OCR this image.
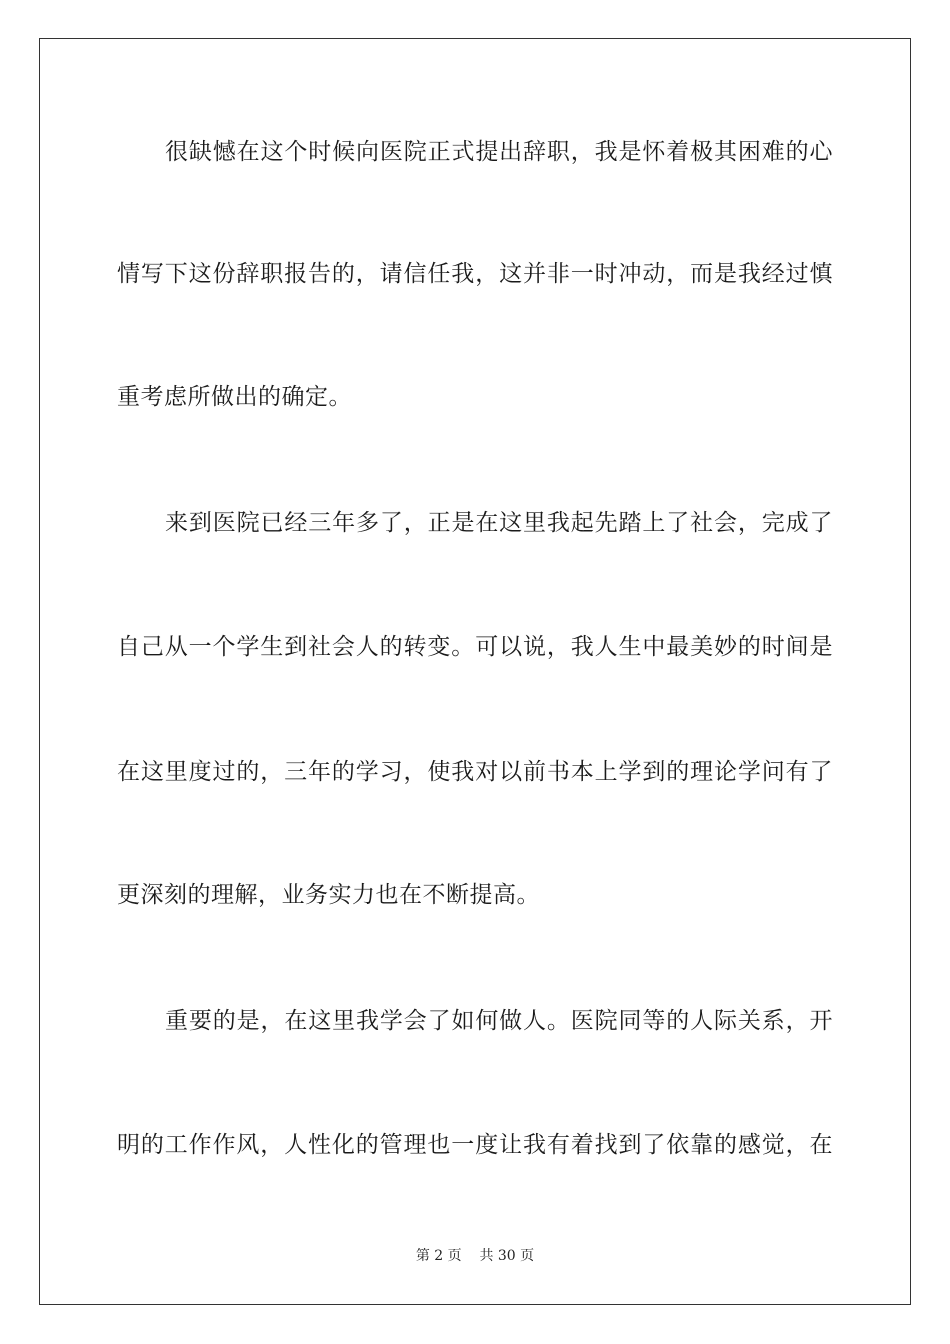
很缺憾在这个时候向医院正式提出辞职，我是怀着极其困难的心
情写下这份辞职报告的，请信任我，这并非一时冲动，而是我经过慎
重考虑所做出的确定。
来到医院已经三年多了，正是在这里我起先踏上了社会，完成了
自己从一个学生到社会人的转变。可以说，我人生中最美妙的时间是
在这里度过的，三年的学习，使我对以前书本上学到的理论学问有了
更深刻的理解，业务实力也在不断提高。
重要的是，在这里我学会了如何做人。医院同等的人际关系，开
明的工作作风，人性化的管理也一度让我有着找到了依靠的感觉，在
第 2 页 共 30 页
